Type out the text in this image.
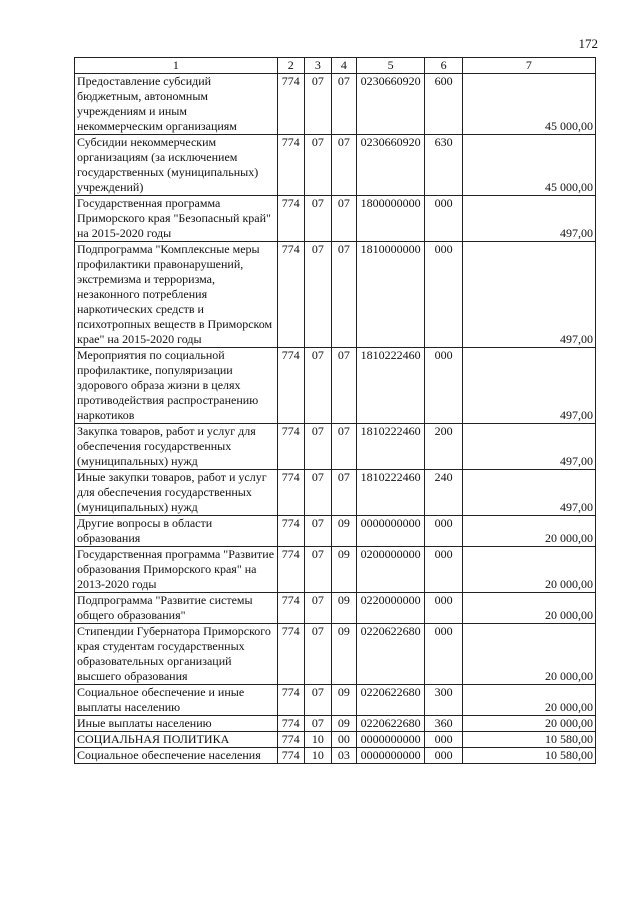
172
1	2	3	4	5	6	7
Предоставление субсидий бюджетным, автономным учреждениям и иным некоммерческим организациям	774	07	07	0230660920	600	45 000,00
Субсидии некоммерческим организациям (за исключением государственных (муниципальных) учреждений)	774	07	07	0230660920	630	45 000,00
Государственная программа Приморского края "Безопасный край" на 2015-2020 годы	774	07	07	1800000000	000	497,00
Подпрограмма "Комплексные меры профилактики правонарушений, экстремизма и терроризма, незаконного потребления наркотических средств и психотропных веществ в Приморском крае" на 2015-2020 годы	774	07	07	1810000000	000	497,00
Мероприятия по социальной профилактике, популяризации здорового образа жизни в целях противодействия распространению наркотиков	774	07	07	1810222460	000	497,00
Закупка товаров, работ и услуг для обеспечения государственных (муниципальных) нужд	774	07	07	1810222460	200	497,00
Иные закупки товаров, работ и услуг для обеспечения государственных (муниципальных) нужд	774	07	07	1810222460	240	497,00
Другие вопросы в области образования	774	07	09	0000000000	000	20 000,00
Государственная программа "Развитие образования Приморского края" на 2013-2020 годы	774	07	09	0200000000	000	20 000,00
Подпрограмма "Развитие системы общего образования"	774	07	09	0220000000	000	20 000,00
Стипендии Губернатора Приморского края студентам государственных образовательных организаций высшего образования	774	07	09	0220622680	000	20 000,00
Социальное обеспечение и иные выплаты населению	774	07	09	0220622680	300	20 000,00
Иные выплаты населению	774	07	09	0220622680	360	20 000,00
СОЦИАЛЬНАЯ ПОЛИТИКА	774	10	00	0000000000	000	10 580,00
Социальное обеспечение населения	774	10	03	0000000000	000	10 580,00
